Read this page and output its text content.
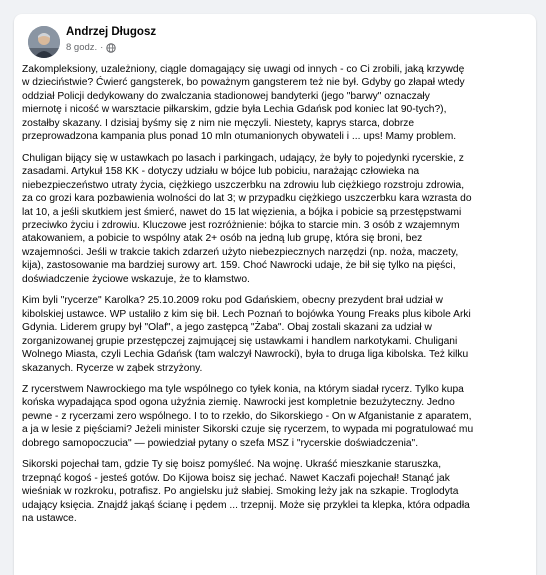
Andrzej Długosz
8 godz. ·

Zakompleksiony, uzależniony, ciągle domagający się uwagi od innych - co Ci zrobili, jaką krzywdę
w dzieciństwie? Ćwierć gangsterek, bo poważnym gangsterem też nie był. Gdyby go złapał wtedy
oddział Policji dedykowany do zwalczania stadionowej bandyterki (jego "barwy" oznaczały
miernotę i nicość w warsztacie piłkarskim, gdzie była Lechia Gdańsk pod koniec lat 90-tych?),
zostałby skazany. I dzisiaj byśmy się z nim nie męczyli. Niestety, kaprys starca, dobrze
przeprowadzona kampania plus ponad 10 mln otumanionych obywateli i ... ups! Mamy problem.

Chuligan bijący się w ustawkach po lasach i parkingach, udający, że były to pojedynki rycerskie, z
zasadami. Artykuł 158 KK - dotyczy udziału w bójce lub pobiciu, narażając człowieka na
niebezpieczeństwo utraty życia, ciężkiego uszczerbku na zdrowiu lub ciężkiego rozstroju zdrowia,
za co grozi kara pozbawienia wolności do lat 3; w przypadku ciężkiego uszczerbku kara wzrasta do
lat 10, a jeśli skutkiem jest śmierć, nawet do 15 lat więzienia, a bójka i pobicie są przestępstwami
przeciwko życiu i zdrowiu. Kluczowe jest rozróżnienie: bójka to starcie min. 3 osób z wzajemnym
atakowaniem, a pobicie to wspólny atak 2+ osób na jedną lub grupę, która się broni, bez
wzajemności. Jeśli w trakcie takich zdarzeń użyto niebezpiecznych narzędzi (np. noża, maczety,
kija), zastosowanie ma bardziej surowy art. 159. Choć Nawrocki udaje, że bił się tylko na pięści,
doświadczenie życiowe wskazuje, że to kłamstwo.

Kim byli "rycerze" Karolka? 25.10.2009 roku pod Gdańskiem, obecny prezydent brał udział w
kibolskiej ustawce. WP ustaliło z kim się bił. Lech Poznań to bojówka Young Freaks plus kibole Arki
Gdynia. Liderem grupy był "Olaf", a jego zastępcą "Żaba". Obaj zostali skazani za udział w
zorganizowanej grupie przestępczej zajmującej się ustawkami i handlem narkotykami. Chuligani
Wolnego Miasta, czyli Lechia Gdańsk (tam walczył Nawrocki), była to druga liga kibolska. Też kilku
skazanych. Rycerze w ząbek strzyżony.

Z rycerstwem Nawrockiego ma tyle wspólnego co tyłek konia, na którym siadał rycerz. Tylko kupa
końska wypadająca spod ogona użyźnia ziemię. Nawrocki jest kompletnie bezużyteczny. Jedno
pewne - z rycerzami zero wspólnego. I to to rzekło, do Sikorskiego - On w Afganistanie z aparatem,
a ja w lesie z pięściami? Jeżeli minister Sikorski czuje się rycerzem, to wypada mi pogratulować mu
dobrego samopoczucia" — powiedział pytany o szefa MSZ i "rycerskie doświadczenia".

Sikorski pojechał tam, gdzie Ty się boisz pomyśleć. Na wojnę. Ukraść mieszkanie staruszka,
trzepnąć kogoś - jesteś gotów. Do Kijowa boisz się jechać. Nawet Kaczafi pojechał! Stanąć jak
wieśniak w rozkroku, potrafisz. Po angielsku już słabiej. Smoking leży jak na szkapie. Troglodyta
udający księcia. Znajdź jakąś ścianę i pędem ... trzepnij. Może się przyklei ta klepka, która odpadła
na ustawce.
